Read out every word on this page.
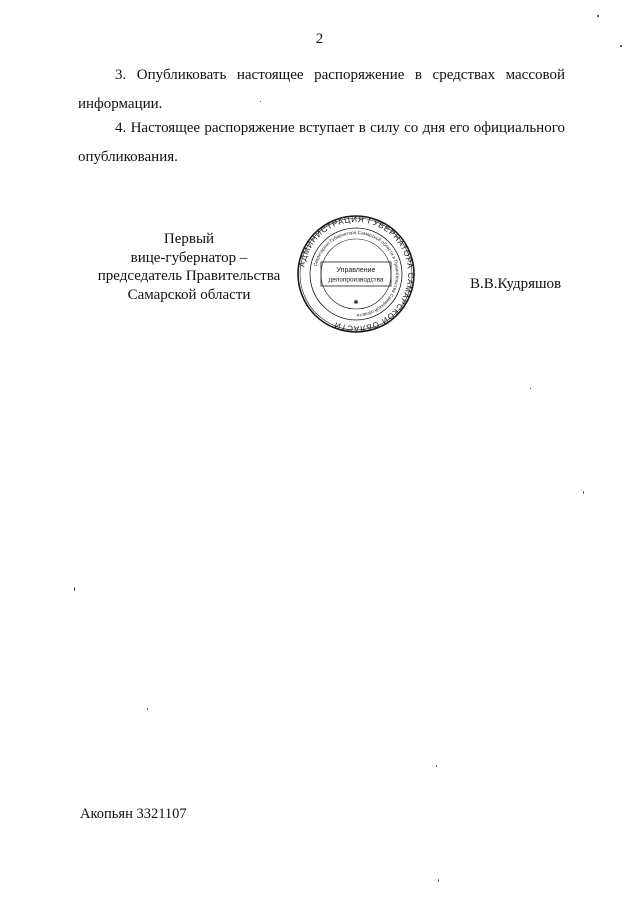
2

3. Опубликовать настоящее распоряжение в средствах массовой информации.

4. Настоящее распоряжение вступает в силу со дня его официального опубликования.

Первый
вице-губернатор –
председатель Правительства
Самарской области
АДМИНИСТРАЦИЯ ГУБЕРНАТОРА САМАРСКОЙ ОБЛАСТИ
Секретариат Губернатора Самарской области и Правительства Самарской области
Управление
делопроизводства
✱
В.В.Кудряшов
Акопьян 3321107
